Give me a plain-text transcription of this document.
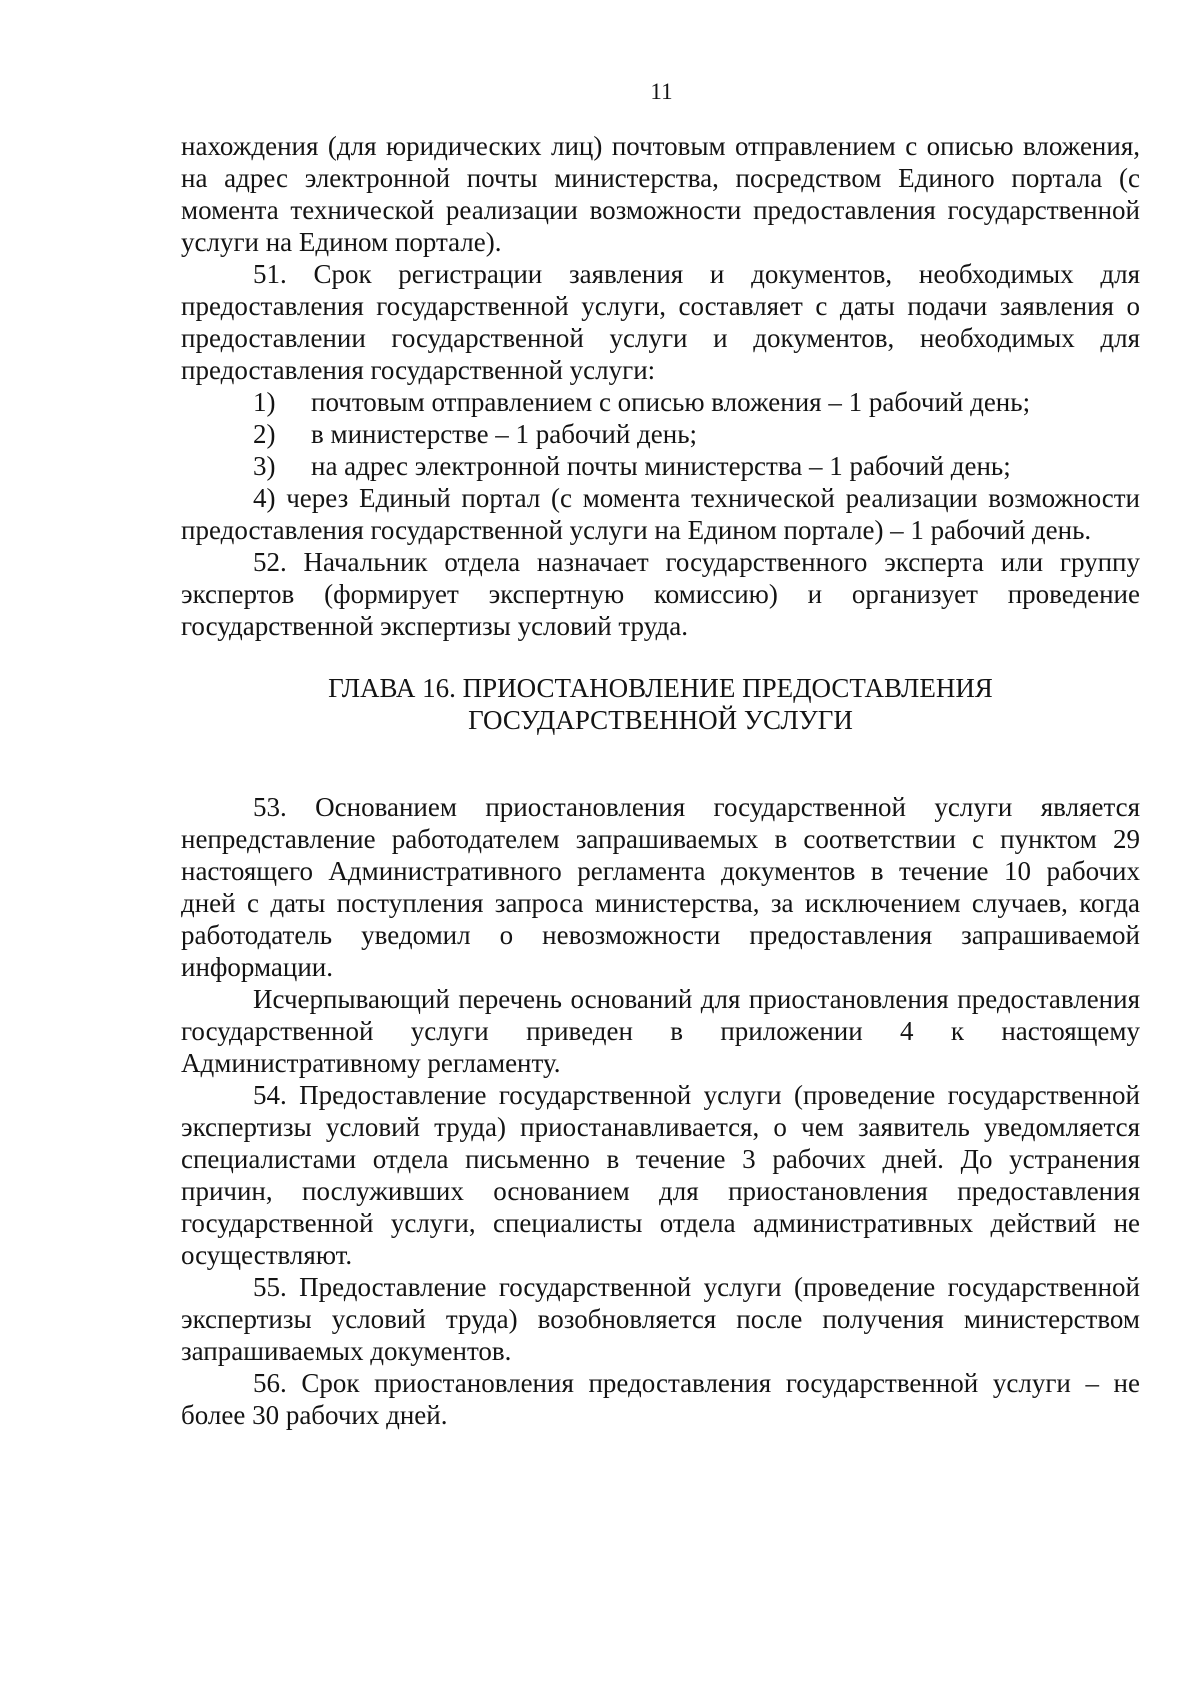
11

нахождения (для юридических лиц) почтовым отправлением с описью вложения, на адрес электронной почты министерства, посредством Единого портала (с момента технической реализации возможности предоставления государственной услуги на Едином портале).

51. Срок регистрации заявления и документов, необходимых для предоставления государственной услуги, составляет с даты подачи заявления о предоставлении государственной услуги и документов, необходимых для предоставления государственной услуги:

1)	почтовым отправлением с описью вложения – 1 рабочий день;
2)	в министерстве – 1 рабочий день;
3)	на адрес электронной почты министерства – 1 рабочий день;

4) через Единый портал (с момента технической реализации возможности предоставления государственной услуги на Едином портале) – 1 рабочий день.

52. Начальник отдела назначает государственного эксперта или группу экспертов (формирует экспертную комиссию) и организует проведение государственной экспертизы условий труда.

ГЛАВА 16. ПРИОСТАНОВЛЕНИЕ ПРЕДОСТАВЛЕНИЯ
ГОСУДАРСТВЕННОЙ УСЛУГИ

53. Основанием приостановления государственной услуги является непредставление работодателем запрашиваемых в соответствии с пунктом 29 настоящего Административного регламента документов в течение 10 рабочих дней с даты поступления запроса министерства, за исключением случаев, когда работодатель уведомил о невозможности предоставления запрашиваемой информации.

Исчерпывающий перечень оснований для приостановления предоставления государственной услуги приведен в приложении 4 к настоящему Административному регламенту.

54. Предоставление государственной услуги (проведение государственной экспертизы условий труда) приостанавливается, о чем заявитель уведомляется специалистами отдела письменно в течение 3 рабочих дней. До устранения причин, послуживших основанием для приостановления предоставления государственной услуги, специалисты отдела административных действий не осуществляют.

55. Предоставление государственной услуги (проведение государственной экспертизы условий труда) возобновляется после получения министерством запрашиваемых документов.

56. Срок приостановления предоставления государственной услуги – не более 30 рабочих дней.
